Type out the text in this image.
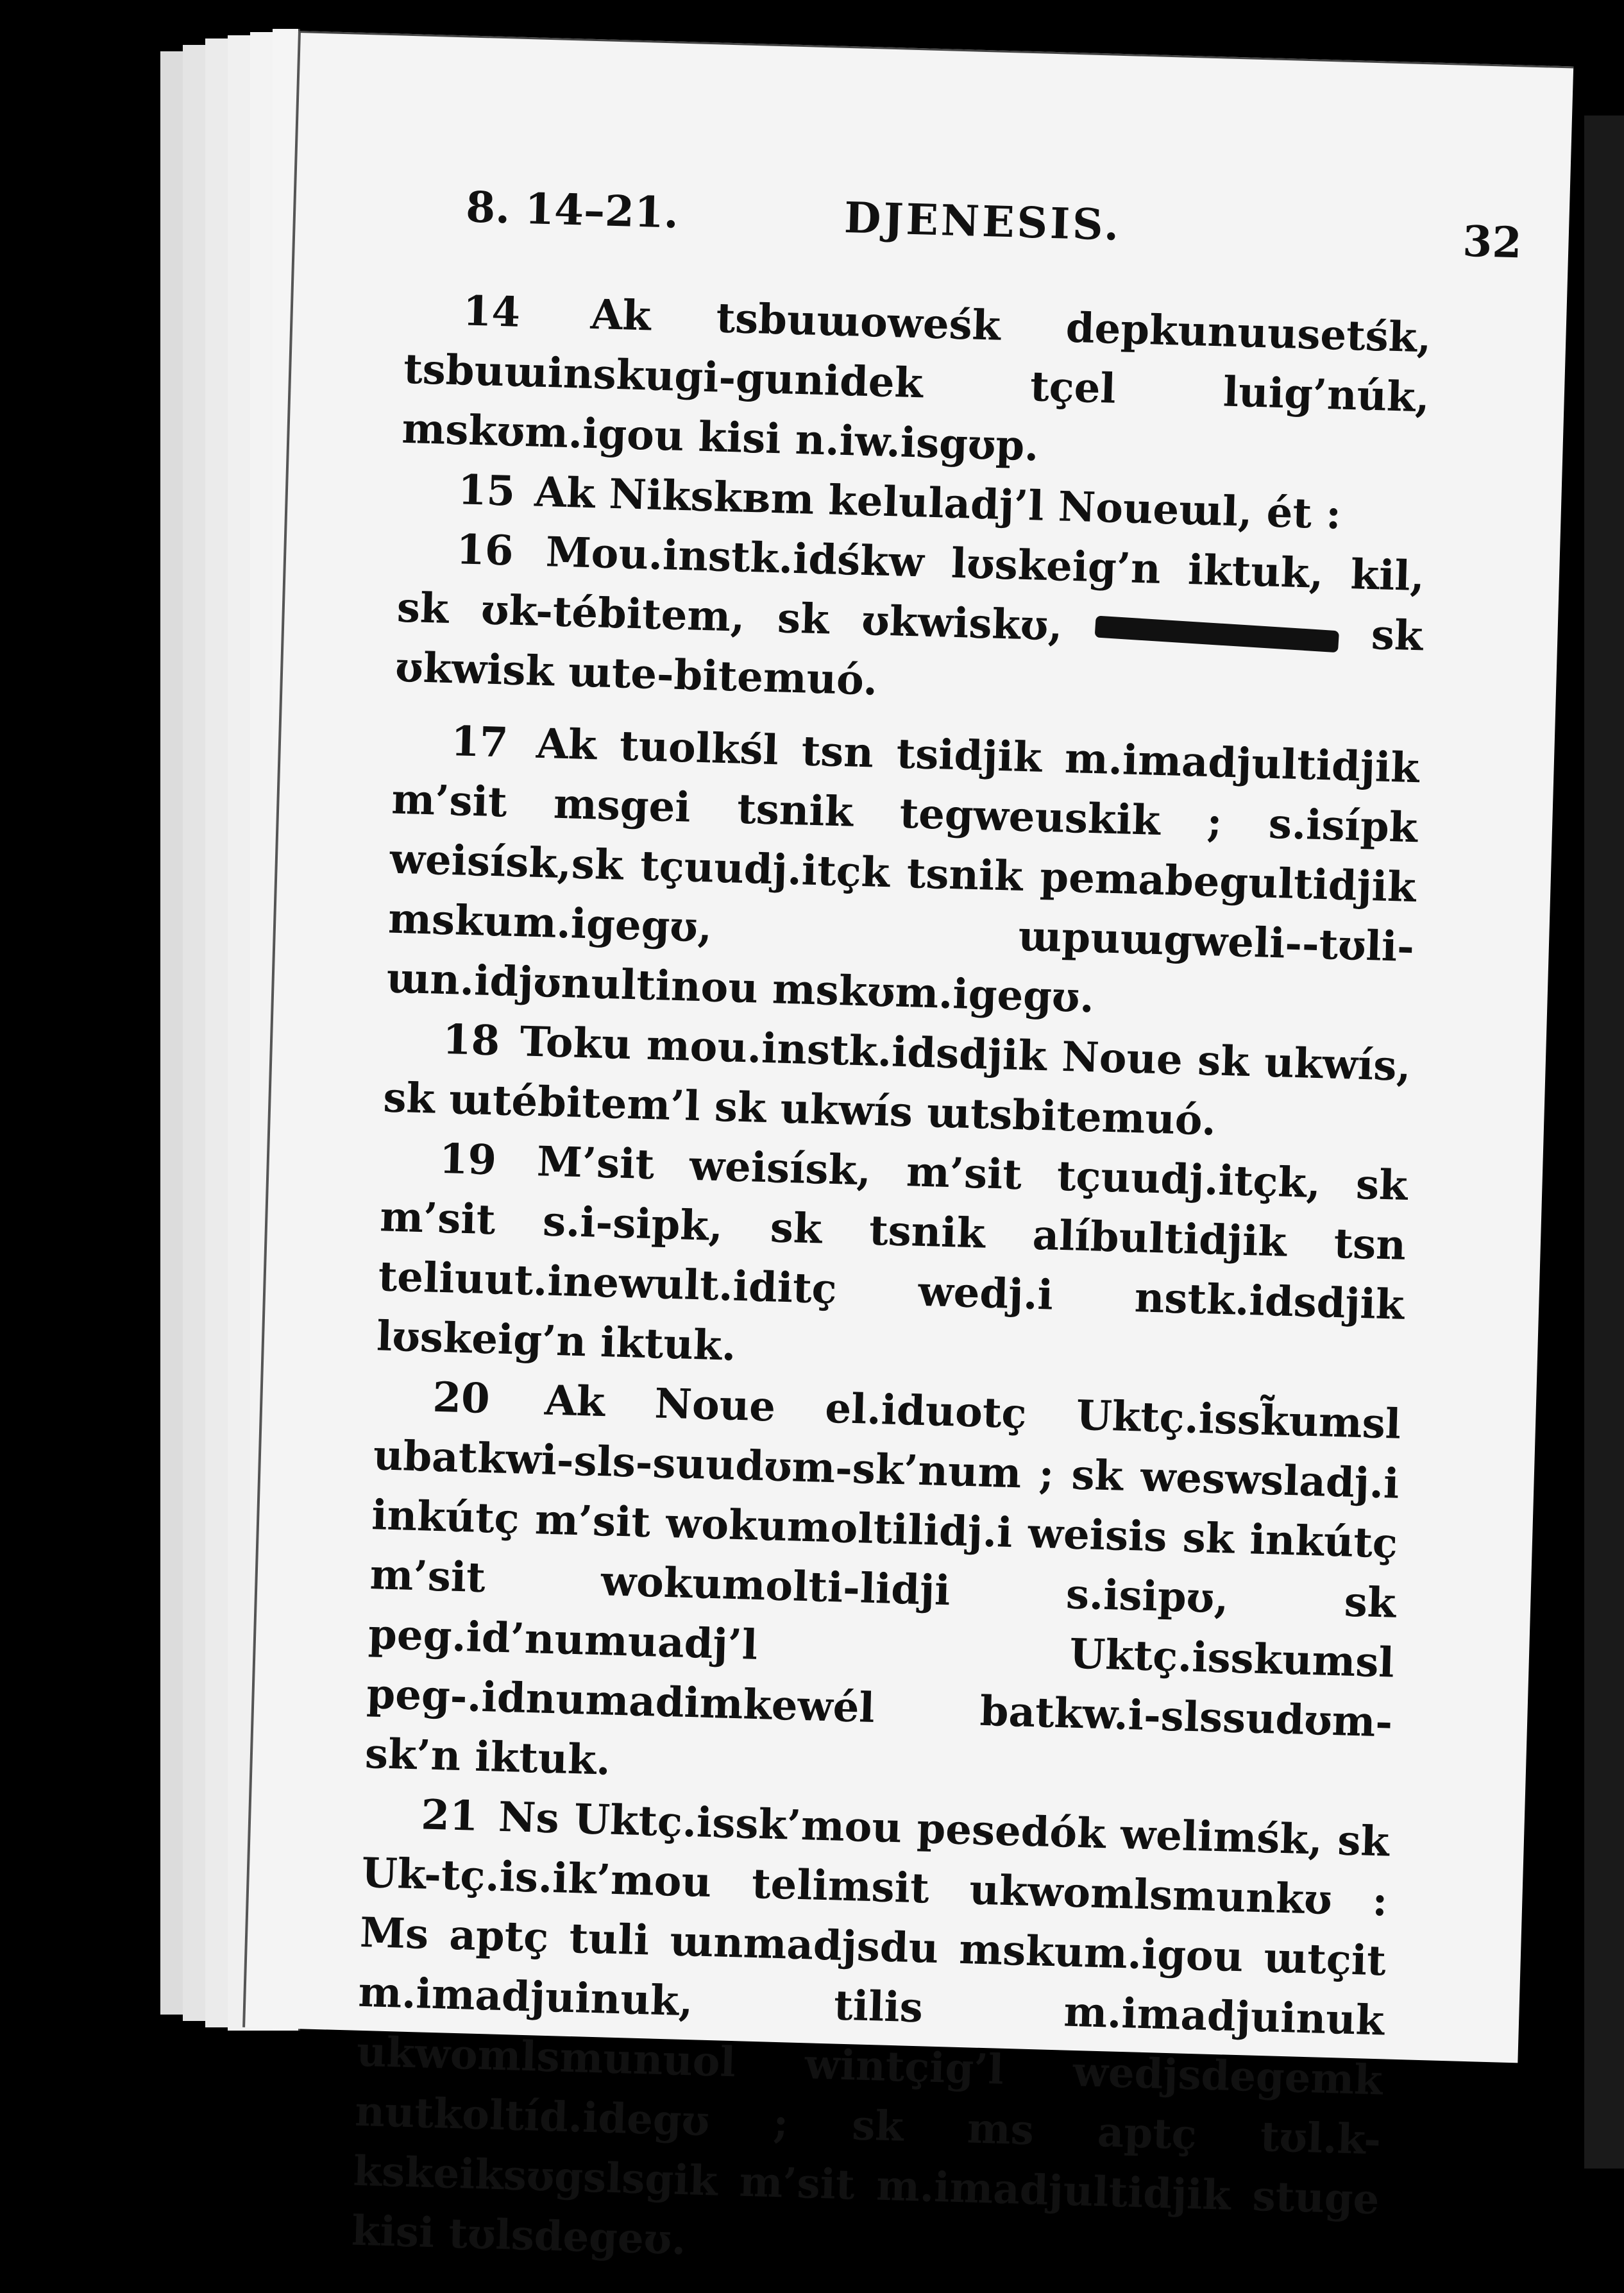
8. 14–21.	DJENESIS.	32

14 Ak tsbuɯowеśk depkunuusetśk, tsbuɯinskugi-gunidek tçel luig’núk, mskʊm.igou kisi n.iw.isgʊp.

15 Ak Nikskвm keluladj’l Noueɯl, ét :

16 Mou.instk.idśkw lʊskeig’n iktuk, kil, sk ʊk-tébitem, sk ʊkwiskʊ,	sk ʊkwisk ɯte-bitemuó.

17 Ak tuolkśl tsn tsidjik m.imadjultidjik m’sit msgei tsnik tegweuskik ; s.isípk weisísk,sk tçuudj.itçk tsnik pemabegultidjik mskum.igegʊ, ɯpuɯgweli--tʊli-ɯn.idjʊnultinou mskʊm.igegʊ.

18 Toku mou.instk.idsdjik Noue sk ukwís, sk ɯtébitem’l sk ukwís ɯtsbitemuó.

19 M’sit weisísk, m’sit tçuudj.itçk, sk m’sit s.i-sipk, sk tsnik alíbultidjik tsn teliuut.inewult.iditç wedj.i nstk.idsdjik lʊskeig’n iktuk.

20 Ak Noue el.iduotç Uktç.issk̃umsl ubatkwi-sls-suudʊm-sk’num ; sk weswsladj.i inkútç m’sit wokumoltilidj.i weisis sk inkútç m’sit wokumolti-lidji s.isipʊ, sk peg.id’numuadj’l Uktç.isskumsl peg-.idnumadimkewél batkw.i-slssudʊm-sk’n iktuk.

21 Ns Uktç.issk’mou pesedók welimśk, sk Uk-tç.is.ik’mou telimsit ukwomlsmunkʊ : Ms aptç tuli ɯnmadjsdu mskum.igou ɯtçit m.imadjuinuk, tilis m.imadjuinuk ukwomlsmunuol wintçig’l wedjsdegemk nutkoltíd.idegʊ ; sk ms aptç tʊl.k-kskeiksʊgslsgik m’sit m.imadjultidjik stuge kisi tʊlsdegeʊ.
